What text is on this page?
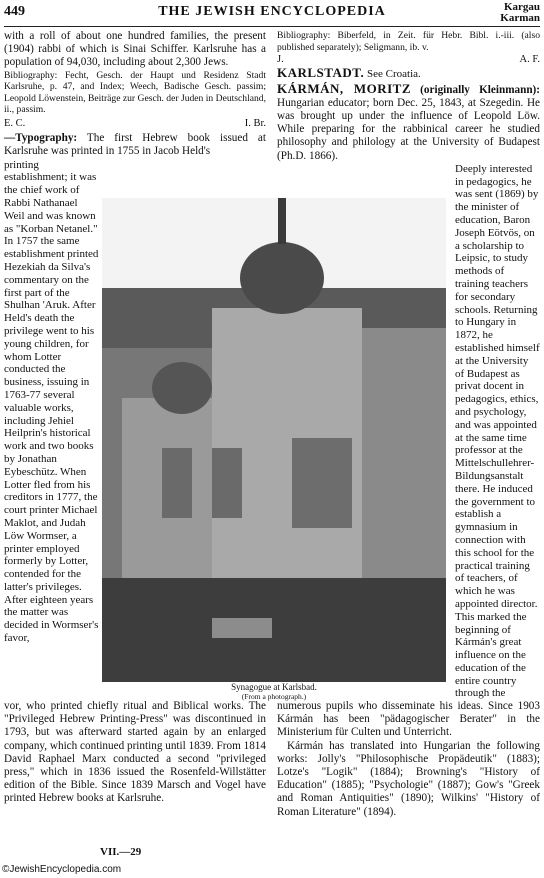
449	THE JEWISH ENCYCLOPEDIA	Kargau
Karman

with a roll of about one hundred families, the present (1904) rabbi of which is Sinai Schiffer. Karlsruhe has a population of 94,030, including about 2,300 Jews.

Bibliography: Fecht, Gesch. der Haupt und Residenz Stadt Karlsruhe, p. 47, and Index; Weech, Badische Gesch. passim; Leopold Löwenstein, Beiträge zur Gesch. der Juden in Deutschland, ii., passim.

E. C.	I. Br.

—Typography: The first Hebrew book issued at Karlsruhe was printed in 1755 in Jacob Held's

printing establishment; it was the chief work of Rabbi Nathanael Weil and was known as "Korban Netanel." In 1757 the same establishment printed Hezekiah da Silva's commentary on the first part of the Shulhan 'Aruk. After Held's death the privilege went to his young children, for whom Lotter conducted the business, issuing in 1763-77 several valuable works, including Jehiel Heilprin's historical work and two books by Jonathan Eybeschütz. When Lotter fled from his creditors in 1777, the court printer Michael Maklot, and Judah Löw Wormser, a printer employed formerly by Lotter, contended for the latter's privileges. After eighteen years the matter was decided in Wormser's favor,

Bibliography: Biberfeld, in Zeit. für Hebr. Bibl. i.-iii. (also published separately); Seligmann, ib. v.

J.	A. F.

KARLSTADT. See Croatia.

KÁRMÁN, MORITZ (originally Kleinmann): Hungarian educator; born Dec. 25, 1843, at Szegedin. He was brought up under the influence of Leopold Löw. While preparing for the rabbinical career he studied philosophy and philology at the University of Budapest (Ph.D. 1866).

Deeply interested in pedagogics, he was sent (1869) by the minister of education, Baron Joseph Eötvös, on a scholarship to Leipsic, to study methods of training teachers for secondary schools. Returning to Hungary in 1872, he established himself at the University of Budapest as privat docent in pedagogics, ethics, and psychology, and was appointed at the same time professor at the Mittelschullehrer-Bildungsanstalt there. He induced the government to establish a gymnasium in connection with this school for the practical training of teachers, of which he was appointed director. This marked the beginning of Kármán's great influence on the education of the entire country through the
Synagogue at Karlsbad.
(From a photograph.)

vor, who printed chiefly ritual and Biblical works. The "Privileged Hebrew Printing-Press" was discontinued in 1793, but was afterward started again by an enlarged company, which continued printing until 1839. From 1814 David Raphael Marx conducted a second "privileged press," which in 1836 issued the Rosenfeld-Willstätter edition of the Bible. Since 1839 Marsch and Vogel have printed Hebrew books at Karlsruhe.

numerous pupils who disseminate his ideas. Since 1903 Kármán has been "pädagogischer Berater" in the Ministerium für Culten und Unterricht.

Kármán has translated into Hungarian the following works: Jolly's "Philosophische Propädeutik" (1883); Lotze's "Logik" (1884); Browning's "History of Education" (1885); "Psychologie" (1887); Gow's "Greek and Roman Antiquities" (1890); Wilkins' "History of Roman Literature" (1894).

VII.—29
©JewishEncyclopedia.com
